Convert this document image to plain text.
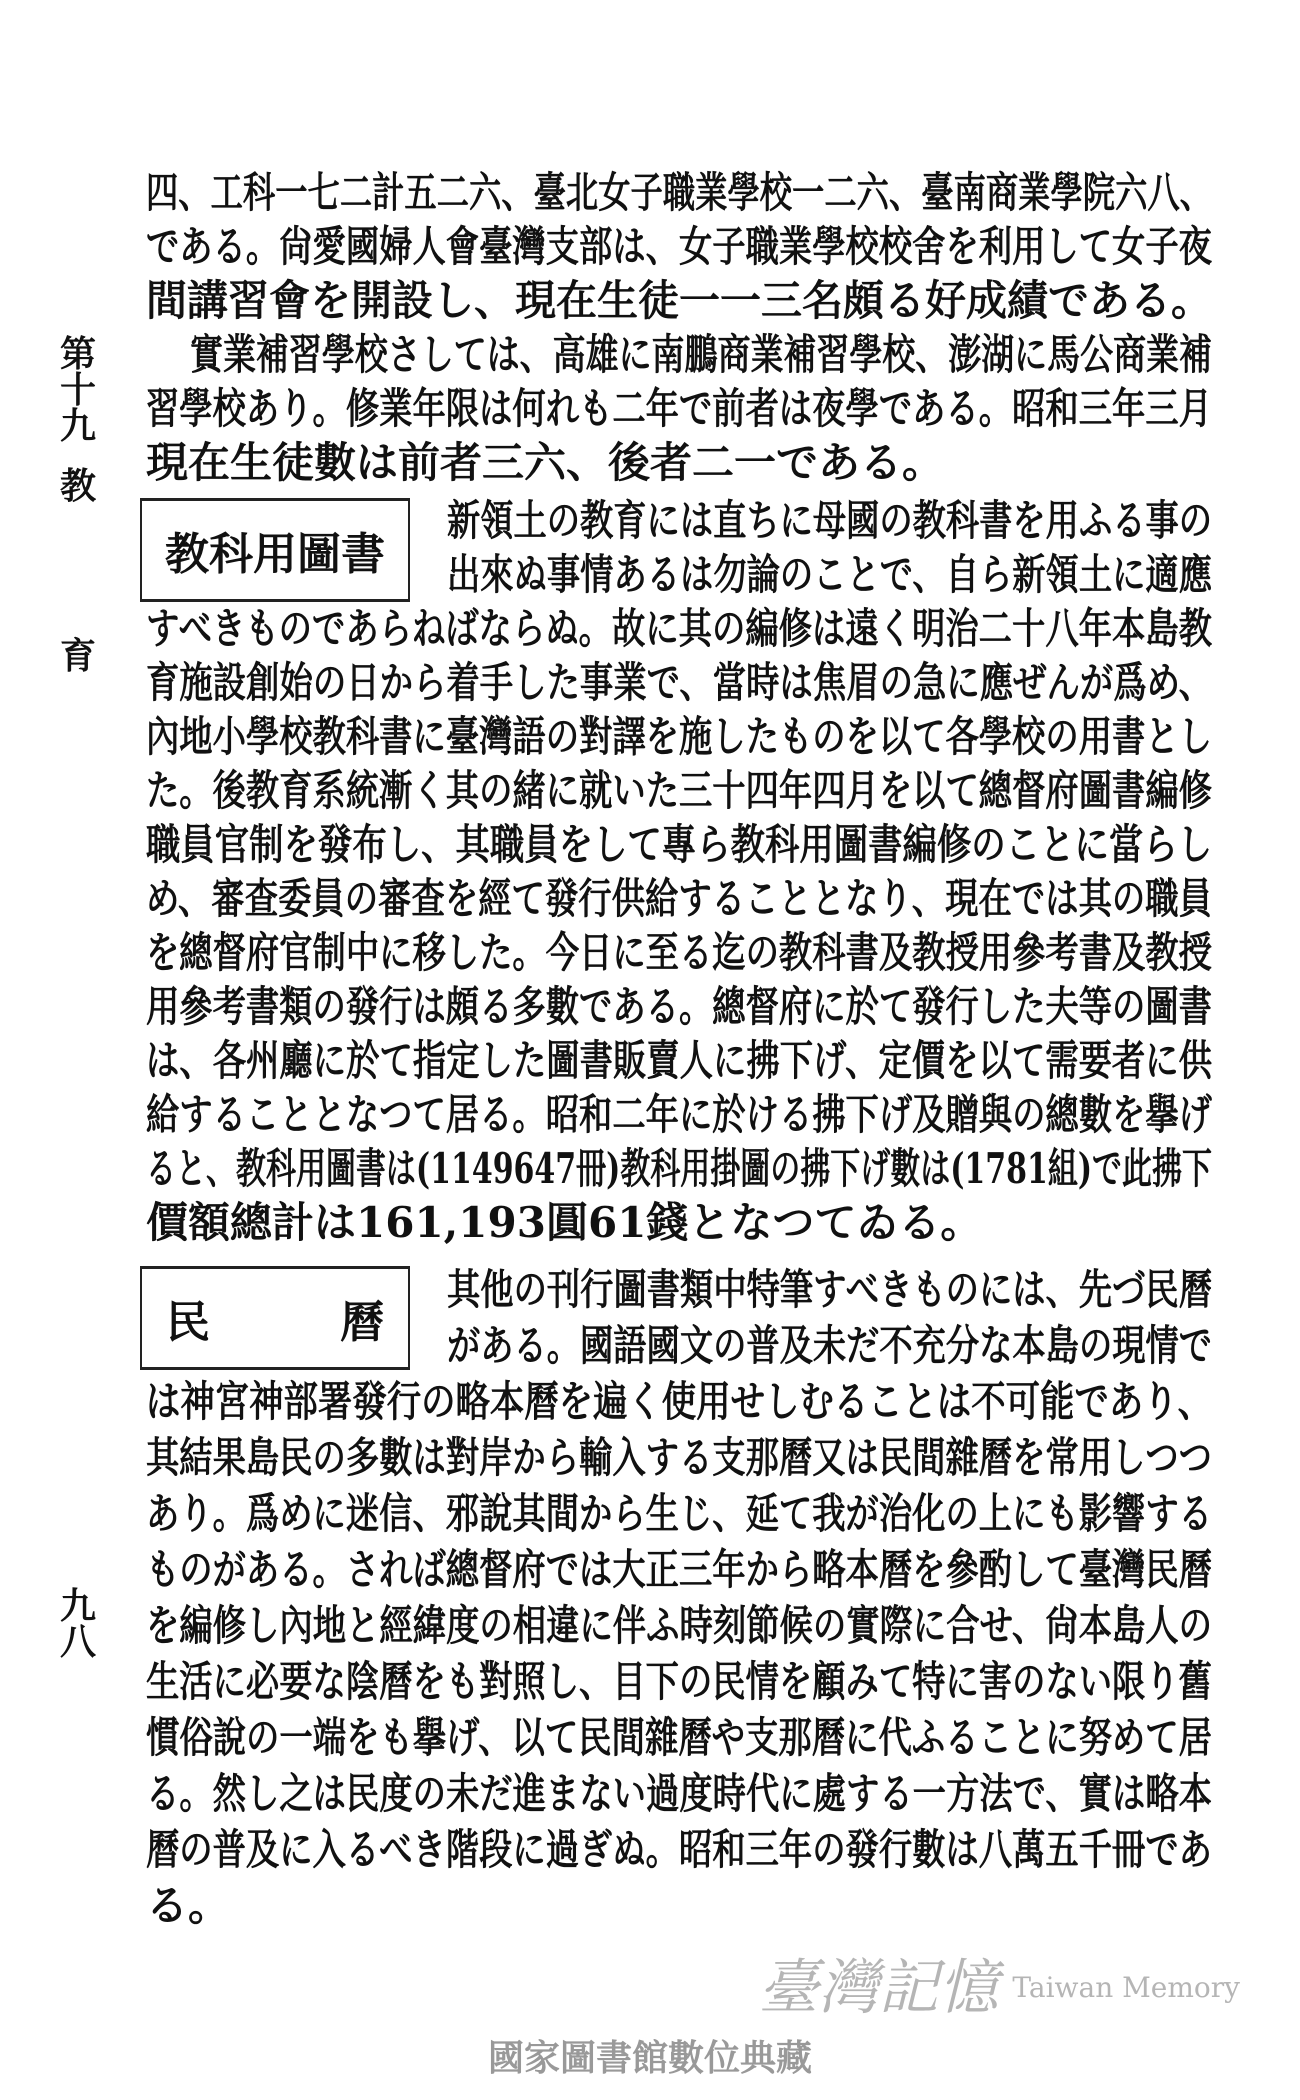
第
十
九
教
育
九
八
四、工科一七二計五二六、臺北女子職業學校一二六、臺南商業學院六八、
である。尙愛國婦人會臺灣支部は、女子職業學校校舍を利用して女子夜
間講習會を開設し、現在生徒一一三名頗る好成績である。
實業補習學校さしては、高雄に南鵬商業補習學校、澎湖に馬公商業補
習學校あり。修業年限は何れも二年で前者は夜學である。昭和三年三月
現在生徒數は前者三六、後者二一である。
教科用圖書
新領土の教育には直ちに母國の教科書を用ふる事の
出來ぬ事情あるは勿論のことで、自ら新領土に適應
すべきものであらねばならぬ。故に其の編修は遠く明治二十八年本島教
育施設創始の日から着手した事業で、當時は焦眉の急に應ぜんが爲め、
內地小學校教科書に臺灣語の對譯を施したものを以て各學校の用書とし
た。後教育系統漸く其の緒に就いた三十四年四月を以て總督府圖書編修
職員官制を發布し、其職員をして專ら教科用圖書編修のことに當らし
め、審查委員の審查を經て發行供給することとなり、現在では其の職員
を總督府官制中に移した。今日に至る迄の教科書及教授用參考書及教授
用參考書類の發行は頗る多數である。總督府に於て發行した夫等の圖書
は、各州廳に於て指定した圖書販賣人に拂下げ、定價を以て需要者に供
給することとなつて居る。昭和二年に於ける拂下げ及贈與の總數を擧げ
ると、教科用圖書は(1149647冊)教科用掛圖の拂下げ數は(1781組)で此拂下
價額總計は161,193圓61錢となつてゐる。
民	曆
其他の刊行圖書類中特筆すべきものには、先づ民曆
がある。國語國文の普及未だ不充分な本島の現情で
は神宮神部署發行の略本曆を遍く使用せしむることは不可能であり、
其結果島民の多數は對岸から輸入する支那曆又は民間雜曆を常用しつつ
あり。爲めに迷信、邪說其間から生じ、延て我が治化の上にも影響する
ものがある。されば總督府では大正三年から略本曆を參酌して臺灣民曆
を編修し內地と經緯度の相違に伴ふ時刻節候の實際に合せ、尙本島人の
生活に必要な陰曆をも對照し、目下の民情を顧みて特に害のない限り舊
慣俗說の一端をも擧げ、以て民間雜曆や支那曆に代ふることに努めて居
る。然し之は民度の未だ進まない過度時代に處する一方法で、實は略本
曆の普及に入るべき階段に過ぎぬ。昭和三年の發行數は八萬五千冊であ
る。
臺灣記憶 Taiwan Memory
國家圖書館數位典藏
